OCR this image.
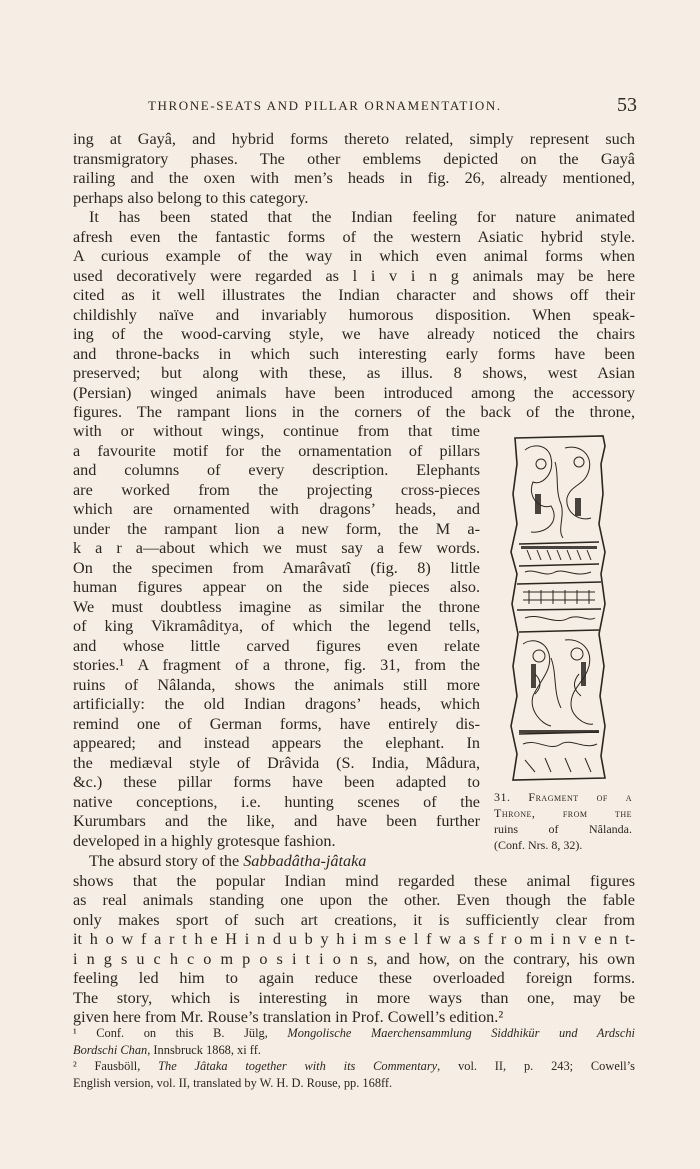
THRONE-SEATS AND PILLAR ORNAMENTATION.	53
ing at Gayâ, and hybrid forms thereto related, simply represent such
transmigratory phases. The other emblems depicted on the Gayâ
railing and the oxen with men’s heads in fig. 26, already mentioned,
perhaps also belong to this category.
It has been stated that the Indian feeling for nature animated
afresh even the fantastic forms of the western Asiatic hybrid style.
A curious example of the way in which even animal forms when
used decoratively were regarded as l i v i n g animals may be here
cited as it well illustrates the Indian character and shows off their
childishly naïve and invariably humorous disposition. When speak-
ing of the wood-carving style, we have already noticed the chairs
and throne-backs in which such interesting early forms have been
preserved; but along with these, as illus. 8 shows, west Asian
(Persian) winged animals have been introduced among the accessory
figures. The rampant lions in the corners of the back of the throne,
with or without wings, continue from that time
a favourite motif for the ornamentation of pillars
and columns of every description. Elephants
are worked from the projecting cross-pieces
which are ornamented with dragons’ heads, and
under the rampant lion a new form, the M a-
k a r a—about which we must say a few words.
On the specimen from Amarâvatî (fig. 8) little
human figures appear on the side pieces also.
We must doubtless imagine as similar the throne
of king Vikramâditya, of which the legend tells,
and whose little carved figures even relate
stories.¹ A fragment of a throne, fig. 31, from the
ruins of Nâlanda, shows the animals still more
artificially: the old Indian dragons’ heads, which
remind one of German forms, have entirely dis-
appeared; and instead appears the elephant. In
the mediæval style of Drâvida (S. India, Mâdura,
&c.) these pillar forms have been adapted to
native conceptions, i.e. hunting scenes of the
Kurumbars and the like, and have been further
developed in a highly grotesque fashion.
31. Fragment of a
Throne, from the
ruins of Nâlanda.
(Conf. Nrs. 8, 32).
The absurd story of the Sabbadâtha-jâtaka
shows that the popular Indian mind regarded these animal figures
as real animals standing one upon the other. Even though the fable
only makes sport of such art creations, it is sufficiently clear from
it h o w f a r t h e H i n d u b y h i m s e l f w a s f r o m i n v e n t-
i n g s u c h c o m p o s i t i o n s, and how, on the contrary, his own
feeling led him to again reduce these overloaded foreign forms.
The story, which is interesting in more ways than one, may be
given here from Mr. Rouse’s translation in Prof. Cowell’s edition.²
¹ Conf. on this B. Jülg, Mongolische Maerchensammlung Siddhikür und Ardschi
Bordschi Chan, Innsbruck 1868, xi ff.
² Fausböll, The Jâtaka together with its Commentary, vol. II, p. 243; Cowell’s
English version, vol. II, translated by W. H. D. Rouse, pp. 168ff.
